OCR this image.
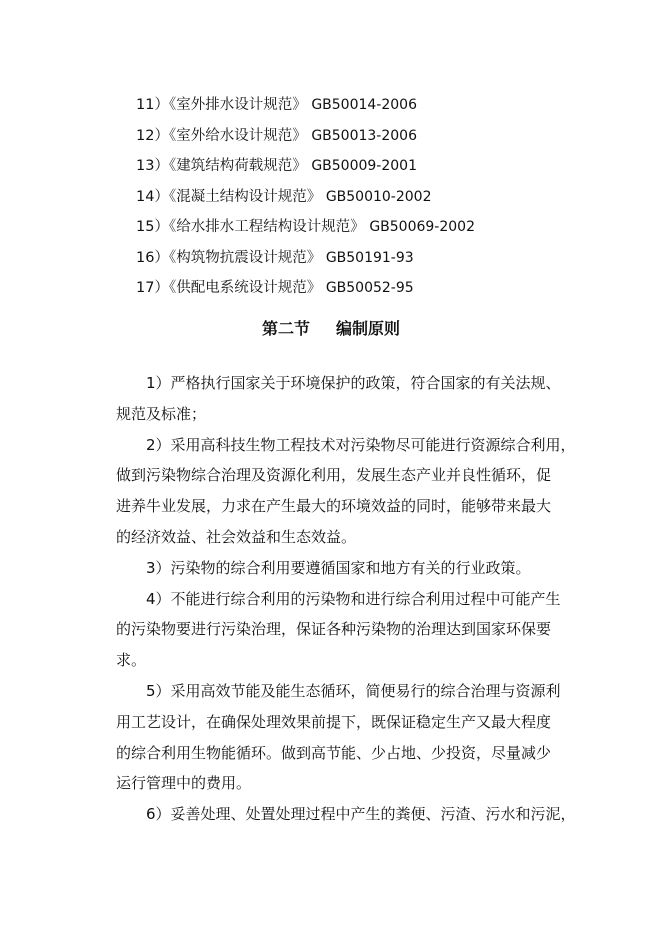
11）《室外排水设计规范》 GB50014-2006
12）《室外给水设计规范》 GB50013-2006
13）《建筑结构荷载规范》 GB50009-2001
14）《混凝土结构设计规范》 GB50010-2002
15）《给水排水工程结构设计规范》 GB50069-2002
16）《构筑物抗震设计规范》 GB50191-93
17）《供配电系统设计规范》 GB50052-95
第二节 编制原则

1）严格执行国家关于环境保护的政策，符合国家的有关法规、
规范及标准；

2）采用高科技生物工程技术对污染物尽可能进行资源综合利用，
做到污染物综合治理及资源化利用，发展生态产业并良性循环，促
进养牛业发展，力求在产生最大的环境效益的同时，能够带来最大
的经济效益、社会效益和生态效益。

3）污染物的综合利用要遵循国家和地方有关的行业政策。

4）不能进行综合利用的污染物和进行综合利用过程中可能产生
的污染物要进行污染治理，保证各种污染物的治理达到国家环保要
求。

5）采用高效节能及能生态循环，简便易行的综合治理与资源利
用工艺设计，在确保处理效果前提下，既保证稳定生产又最大程度
的综合利用生物能循环。做到高节能、少占地、少投资，尽量减少
运行管理中的费用。

6）妥善处理、处置处理过程中产生的粪便、污渣、污水和污泥，
